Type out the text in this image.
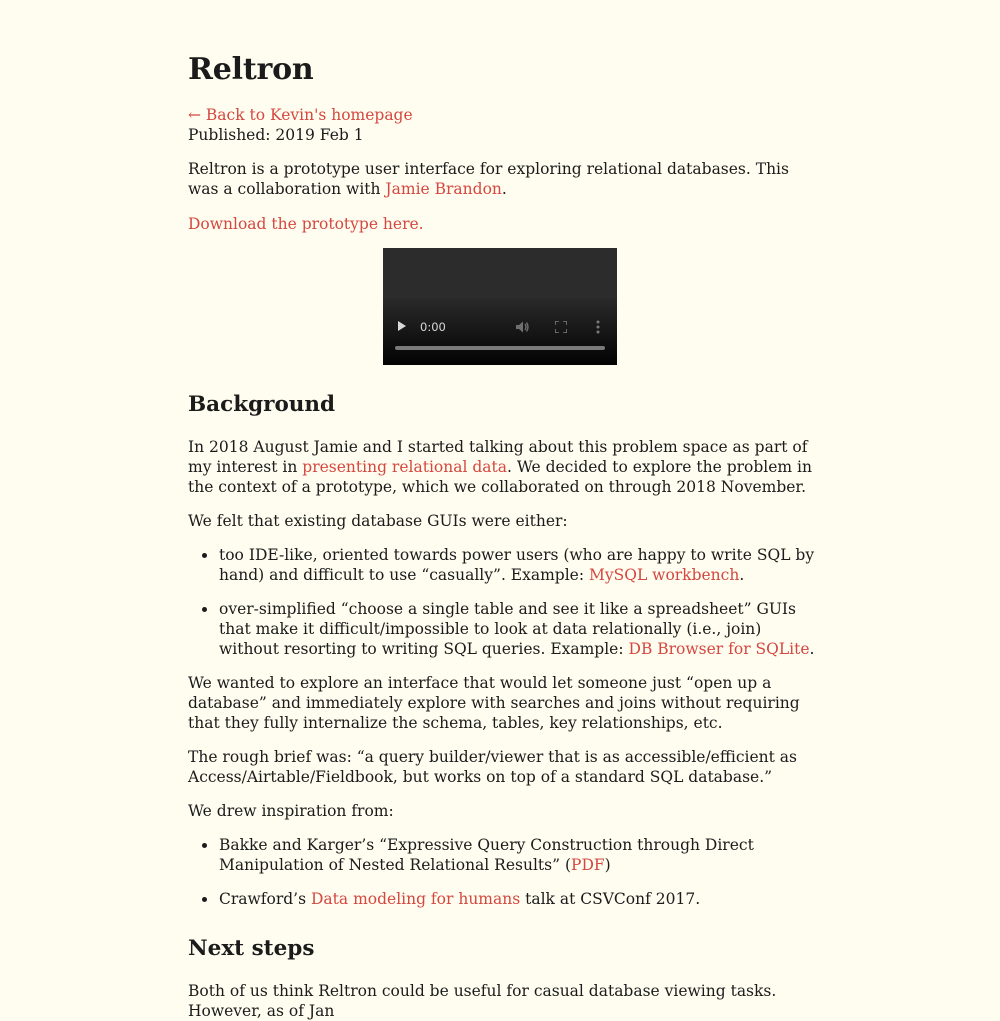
Reltron
← Back to Kevin's homepage
Published: 2019 Feb 1

Reltron is a prototype user interface for exploring relational databases. This was a collaboration with Jamie Brandon.

Download the prototype here.

0:00
Background

In 2018 August Jamie and I started talking about this problem space as part of my interest in presenting relational data. We decided to explore the problem in the context of a prototype, which we collaborated on through 2018 November.

We felt that existing database GUIs were either:

too IDE-like, oriented towards power users (who are happy to write SQL by hand) and difficult to use “casually”. Example: MySQL workbench.
over-simplified “choose a single table and see it like a spreadsheet” GUIs that make it difficult/impossible to look at data relationally (i.e., join) without resorting to writing SQL queries. Example: DB Browser for SQLite.

We wanted to explore an interface that would let someone just “open up a database” and immediately explore with searches and joins without requiring that they fully internalize the schema, tables, key relationships, etc.

The rough brief was: “a query builder/viewer that is as accessible/efficient as Access/Airtable/Fieldbook, but works on top of a standard SQL database.”

We drew inspiration from:

Bakke and Karger’s “Expressive Query Construction through Direct Manipulation of Nested Relational Results” (PDF)
Crawford’s Data modeling for humans talk at CSVConf 2017.
Next steps

Both of us think Reltron could be useful for casual database viewing tasks. However, as of Jan
